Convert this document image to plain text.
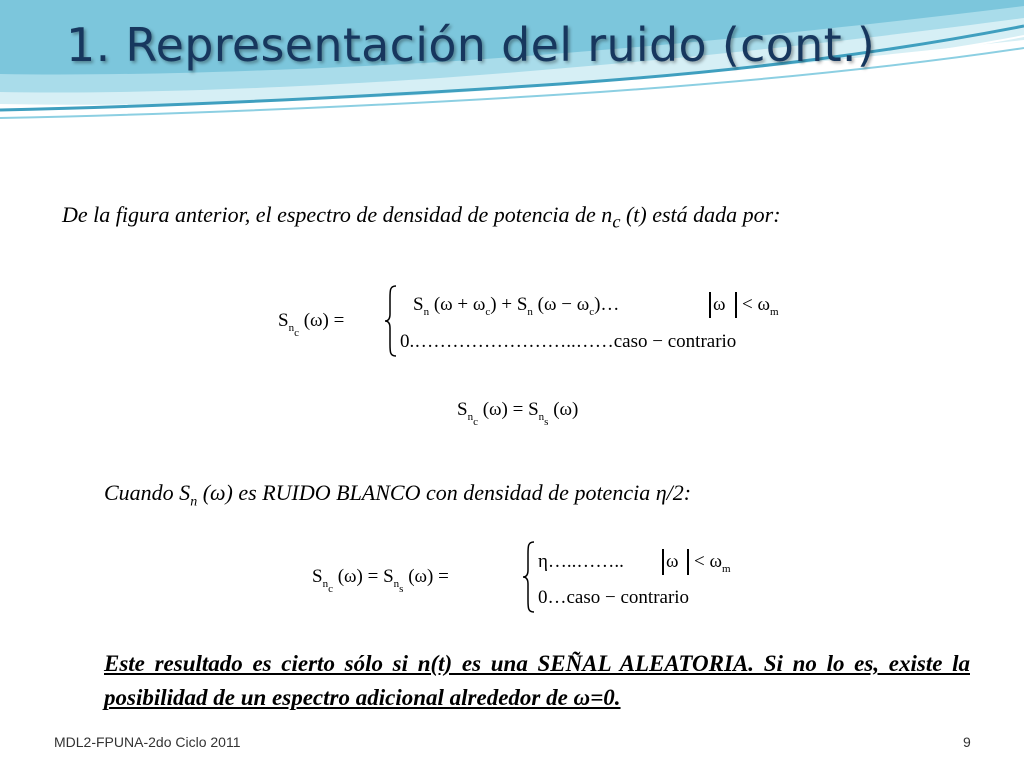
1. Representación del ruido (cont.)

De la figura anterior, el espectro de densidad de potencia de $n_c$ (t) está dada por:

$S_{n_c}$ (ω) =
$S_n$ $(\omega + \omega_c) + S_n$ $(\omega - \omega_c)\dots$	$\omega < \omega_m$
0.……………………..……caso − contrario
$S_{n_c}$ $(\omega) = S_{n_s}$ (ω)

Cuando $S_n$ (ω) es RUIDO BLANCO con densidad de potencia η/2:

$S_{n_c}$ $(\omega) = S_{n_s}$ (ω) =
η…..…….. $\omega < \omega_m$
0…caso − contrario

Este resultado es cierto sólo si n(t) es una SEÑAL ALEATORIA. Si no lo es, existe la posibilidad de un espectro adicional alrededor de ω=0.

MDL2-FPUNA-2do Ciclo 2011	9
